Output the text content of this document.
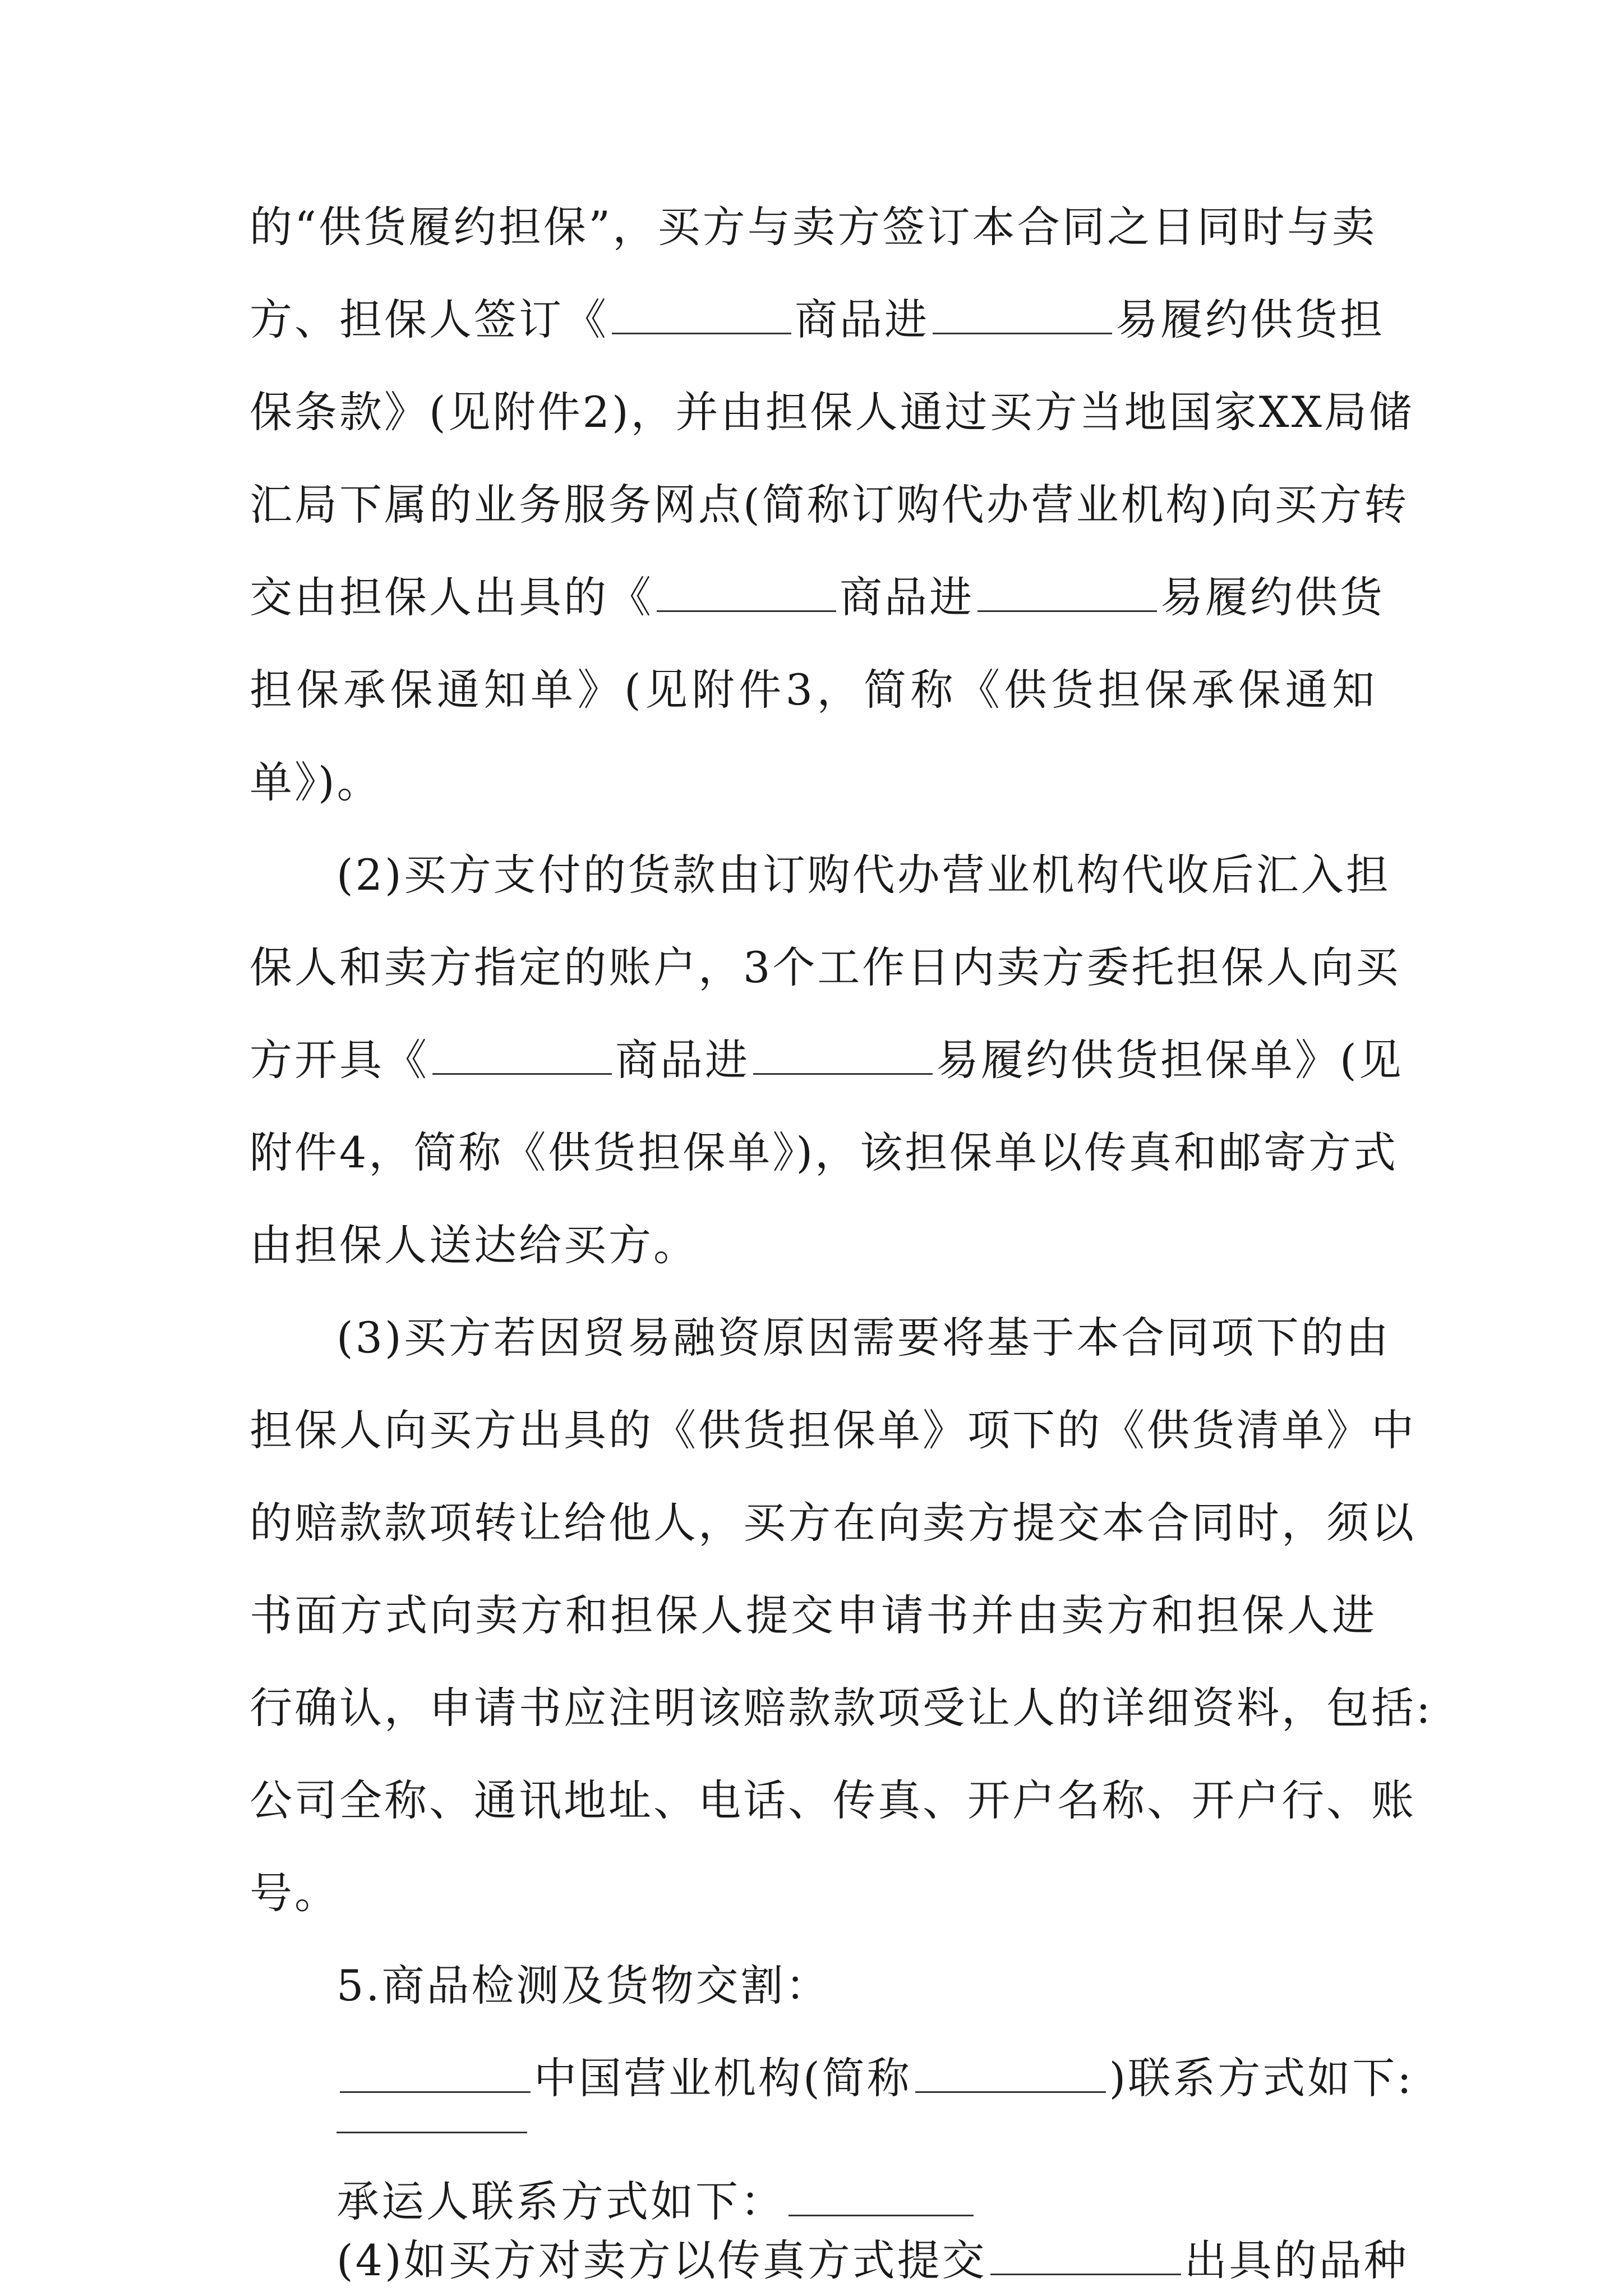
的“供货履约担保”，买方与卖方签订本合同之日同时与卖
方、担保人签订《	商品进	易履约供货担
保条款》(见附件2)，并由担保人通过买方当地国家XX局储
汇局下属的业务服务网点(简称订购代办营业机构)向买方转
交由担保人出具的《	商品进	易履约供货
担保承保通知单》(见附件3，简称《供货担保承保通知
单》)。
(2)买方支付的货款由订购代办营业机构代收后汇入担
保人和卖方指定的账户，3个工作日内卖方委托担保人向买
方开具《	商品进	易履约供货担保单》(见
附件4，简称《供货担保单》)，该担保单以传真和邮寄方式
由担保人送达给买方。
(3)买方若因贸易融资原因需要将基于本合同项下的由
担保人向买方出具的《供货担保单》项下的《供货清单》中
的赔款款项转让给他人，买方在向卖方提交本合同时，须以
书面方式向卖方和担保人提交申请书并由卖方和担保人进
行确认，申请书应注明该赔款款项受让人的详细资料，包括:
公司全称、通讯地址、电话、传真、开户名称、开户行、账
号。
5.商品检测及货物交割：
中国营业机构(简称	)联系方式如下:
承运人联系方式如下：
(4)如买方对卖方以传真方式提交	出具的品种
